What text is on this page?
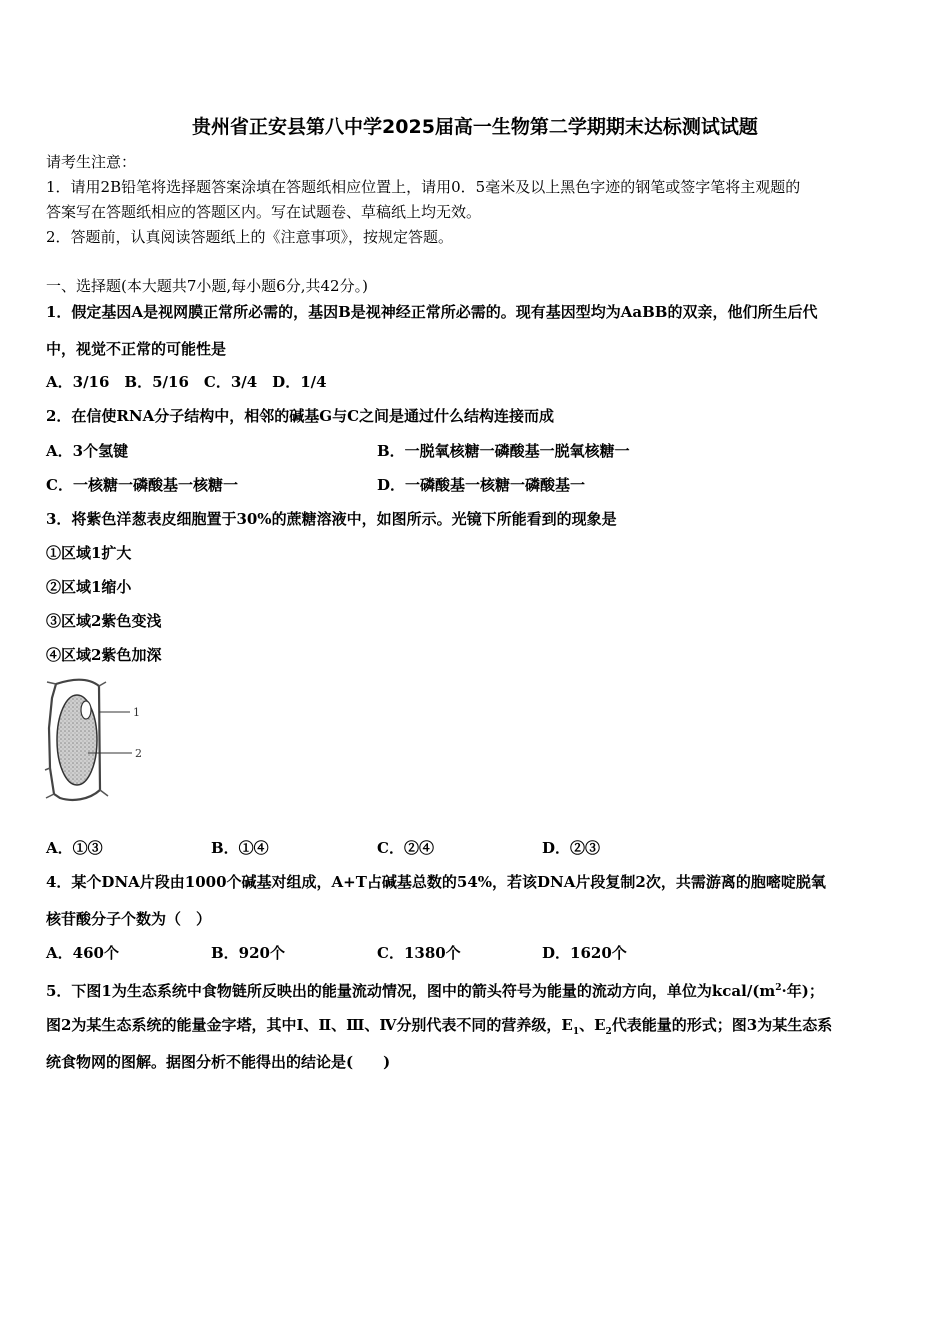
贵州省正安县第八中学2025届高一生物第二学期期末达标测试试题
请考生注意：
1．请用2B铅笔将选择题答案涂填在答题纸相应位置上，请用0．5毫米及以上黑色字迹的钢笔或签字笔将主观题的
答案写在答题纸相应的答题区内。写在试题卷、草稿纸上均无效。
2．答题前，认真阅读答题纸上的《注意事项》，按规定答题。
一、选择题(本大题共7小题,每小题6分,共42分。)
1．假定基因A是视网膜正常所必需的，基因B是视神经正常所必需的。现有基因型均为AaBB的双亲，他们所生后代
中，视觉不正常的可能性是
A．3/16　B．5/16　C．3/4　D．1/4
2．在信使RNA分子结构中，相邻的碱基G与C之间是通过什么结构连接而成
A．3个氢键	B．一脱氧核糖一磷酸基一脱氧核糖一
C．一核糖一磷酸基一核糖一	D．一磷酸基一核糖一磷酸基一
3．将紫色洋葱表皮细胞置于30%的蔗糖溶液中，如图所示。光镜下所能看到的现象是
①区域1扩大
②区域1缩小
③区域2紫色变浅
④区域2紫色加深
1
2
A．①③	B．①④	C．②④	D．②③
4．某个DNA片段由1000个碱基对组成，A+T占碱基总数的54%，若该DNA片段复制2次，共需游离的胞嘧啶脱氧
核苷酸分子个数为（　）
A．460个	B．920个	C．1380个	D．1620个
5．下图1为生态系统中食物链所反映出的能量流动情况，图中的箭头符号为能量的流动方向，单位为kcal/($m^2\cdot$年)；
图2为某生态系统的能量金字塔，其中Ⅰ、Ⅱ、Ⅲ、Ⅳ分别代表不同的营养级，$E_1$、$E_2$代表能量的形式；图3为某生态系
统食物网的图解。据图分析不能得出的结论是(　　)
